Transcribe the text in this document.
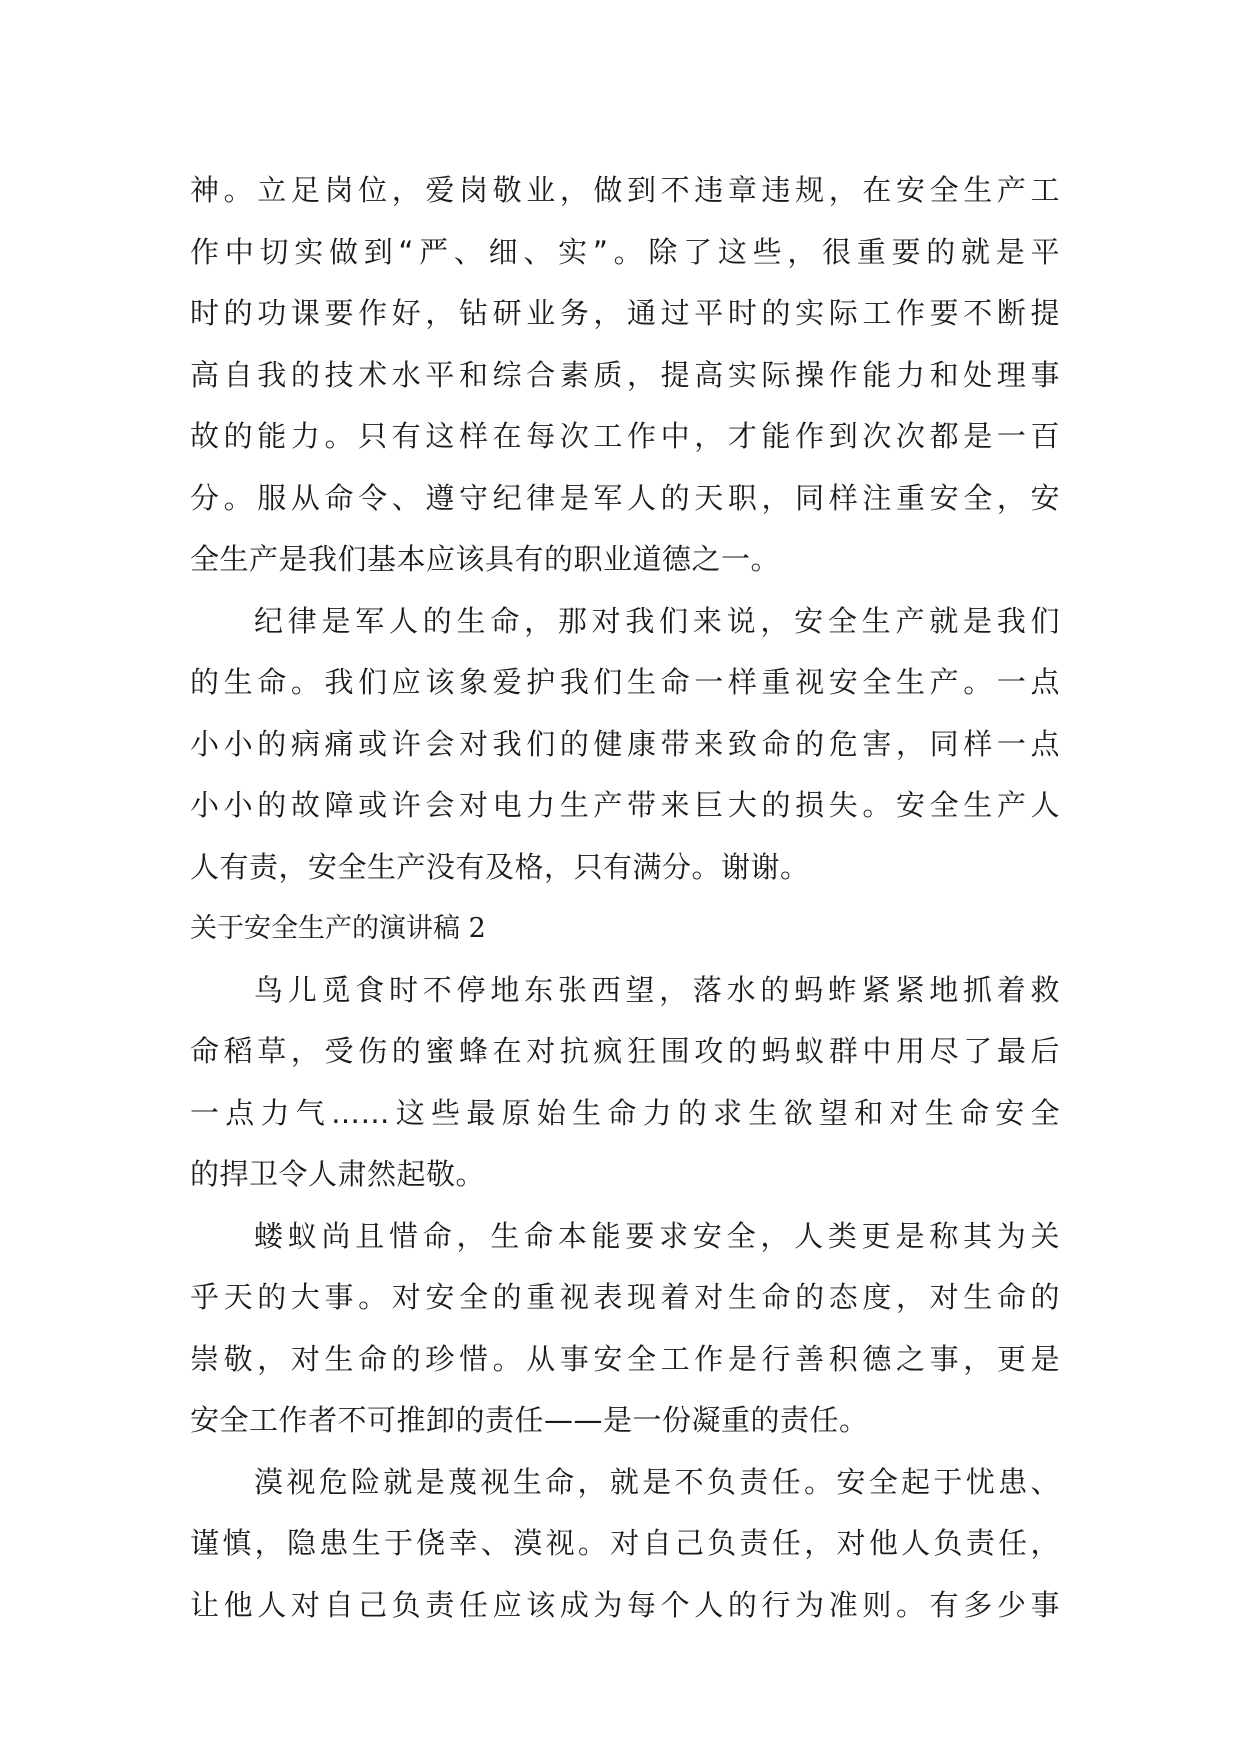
神。立足岗位，爱岗敬业，做到不违章违规，在安全生产工
作中切实做到“严、细、实”。除了这些，很重要的就是平
时的功课要作好，钻研业务，通过平时的实际工作要不断提
高自我的技术水平和综合素质，提高实际操作能力和处理事
故的能力。只有这样在每次工作中，才能作到次次都是一百
分。服从命令、遵守纪律是军人的天职，同样注重安全，安
全生产是我们基本应该具有的职业道德之一。
纪律是军人的生命，那对我们来说，安全生产就是我们
的生命。我们应该象爱护我们生命一样重视安全生产。一点
小小的病痛或许会对我们的健康带来致命的危害，同样一点
小小的故障或许会对电力生产带来巨大的损失。安全生产人
人有责，安全生产没有及格，只有满分。谢谢。
关于安全生产的演讲稿 2
鸟儿觅食时不停地东张西望，落水的蚂蚱紧紧地抓着救
命稻草，受伤的蜜蜂在对抗疯狂围攻的蚂蚁群中用尽了最后
一点力气……这些最原始生命力的求生欲望和对生命安全
的捍卫令人肃然起敬。
蝼蚁尚且惜命，生命本能要求安全，人类更是称其为关
乎天的大事。对安全的重视表现着对生命的态度，对生命的
崇敬，对生命的珍惜。从事安全工作是行善积德之事，更是
安全工作者不可推卸的责任——是一份凝重的责任。
漠视危险就是蔑视生命，就是不负责任。安全起于忧患、
谨慎，隐患生于侥幸、漠视。对自己负责任，对他人负责任，
让他人对自己负责任应该成为每个人的行为准则。有多少事
